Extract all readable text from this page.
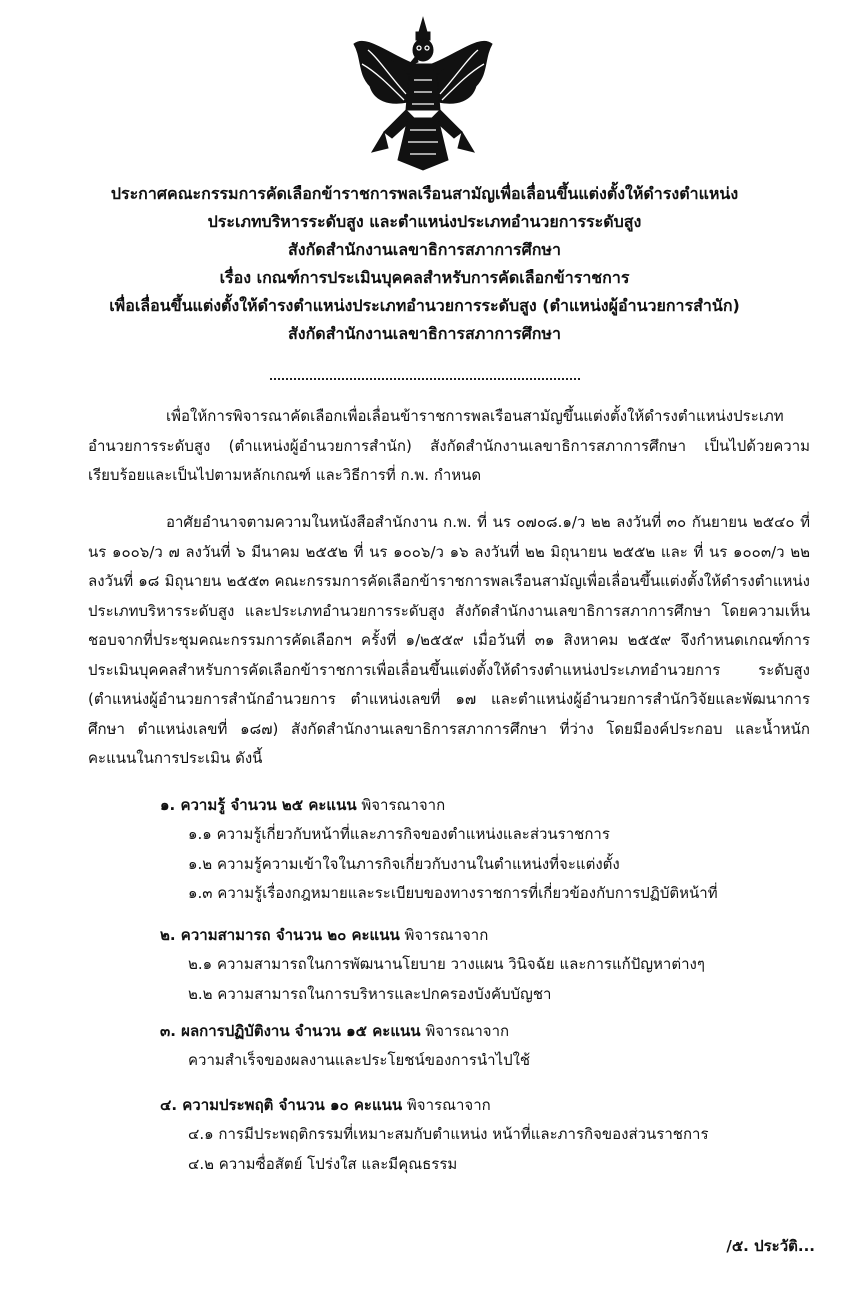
ประกาศคณะกรรมการคัดเลือกข้าราชการพลเรือนสามัญเพื่อเลื่อนขึ้นแต่งตั้งให้ดำรงตำแหน่ง
ประเภทบริหารระดับสูง และตำแหน่งประเภทอำนวยการระดับสูง
สังกัดสำนักงานเลขาธิการสภาการศึกษา
เรื่อง เกณฑ์การประเมินบุคคลสำหรับการคัดเลือกข้าราชการ
เพื่อเลื่อนขึ้นแต่งตั้งให้ดำรงตำแหน่งประเภทอำนวยการระดับสูง (ตำแหน่งผู้อำนวยการสำนัก)
สังกัดสำนักงานเลขาธิการสภาการศึกษา
เพื่อให้การพิจารณาคัดเลือกเพื่อเลื่อนข้าราชการพลเรือนสามัญขึ้นแต่งตั้งให้ดำรงตำแหน่งประเภทอำนวยการระดับสูง (ตำแหน่งผู้อำนวยการสำนัก) สังกัดสำนักงานเลขาธิการสภาการศึกษา เป็นไปด้วยความเรียบร้อยและเป็นไปตามหลักเกณฑ์ และวิธีการที่ ก.พ. กำหนด
อาศัยอำนาจตามความในหนังสือสำนักงาน ก.พ. ที่ นร ๐๗๐๘.๑/ว ๒๒ ลงวันที่ ๓๐ กันยายน ๒๕๔๐ ที่ นร ๑๐๐๖/ว ๗ ลงวันที่ ๖ มีนาคม ๒๕๕๒ ที่ นร ๑๐๐๖/ว ๑๖ ลงวันที่ ๒๒ มิถุนายน ๒๕๕๒ และ ที่ นร ๑๐๐๓/ว ๒๒ ลงวันที่ ๑๘ มิถุนายน ๒๕๕๓ คณะกรรมการคัดเลือกข้าราชการพลเรือนสามัญเพื่อเลื่อนขึ้นแต่งตั้งให้ดำรงตำแหน่งประเภทบริหารระดับสูง และประเภทอำนวยการระดับสูง สังกัดสำนักงานเลขาธิการสภาการศึกษา โดยความเห็นชอบจากที่ประชุมคณะกรรมการคัดเลือกฯ ครั้งที่ ๑/๒๕๕๙ เมื่อวันที่ ๓๑ สิงหาคม ๒๕๕๙ จึงกำหนดเกณฑ์การประเมินบุคคลสำหรับการคัดเลือกข้าราชการเพื่อเลื่อนขึ้นแต่งตั้งให้ดำรงตำแหน่งประเภทอำนวยการ ระดับสูง (ตำแหน่งผู้อำนวยการสำนักอำนวยการ ตำแหน่งเลขที่ ๑๗ และตำแหน่งผู้อำนวยการสำนักวิจัยและพัฒนาการศึกษา ตำแหน่งเลขที่ ๑๘๗) สังกัดสำนักงานเลขาธิการสภาการศึกษา ที่ว่าง โดยมีองค์ประกอบ และน้ำหนักคะแนนในการประเมิน ดังนี้
๑. ความรู้ จำนวน ๒๕ คะแนน พิจารณาจาก
๑.๑ ความรู้เกี่ยวกับหน้าที่และภารกิจของตำแหน่งและส่วนราชการ
๑.๒ ความรู้ความเข้าใจในภารกิจเกี่ยวกับงานในตำแหน่งที่จะแต่งตั้ง
๑.๓ ความรู้เรื่องกฎหมายและระเบียบของทางราชการที่เกี่ยวข้องกับการปฏิบัติหน้าที่
๒. ความสามารถ จำนวน ๒๐ คะแนน พิจารณาจาก
๒.๑ ความสามารถในการพัฒนานโยบาย วางแผน วินิจฉัย และการแก้ปัญหาต่างๆ
๒.๒ ความสามารถในการบริหารและปกครองบังคับบัญชา
๓. ผลการปฏิบัติงาน จำนวน ๑๕ คะแนน พิจารณาจาก
ความสำเร็จของผลงานและประโยชน์ของการนำไปใช้
๔. ความประพฤติ จำนวน ๑๐ คะแนน พิจารณาจาก
๔.๑ การมีประพฤติกรรมที่เหมาะสมกับตำแหน่ง หน้าที่และภารกิจของส่วนราชการ
๔.๒ ความซื่อสัตย์ โปร่งใส และมีคุณธรรม
/๕. ประวัติ...
